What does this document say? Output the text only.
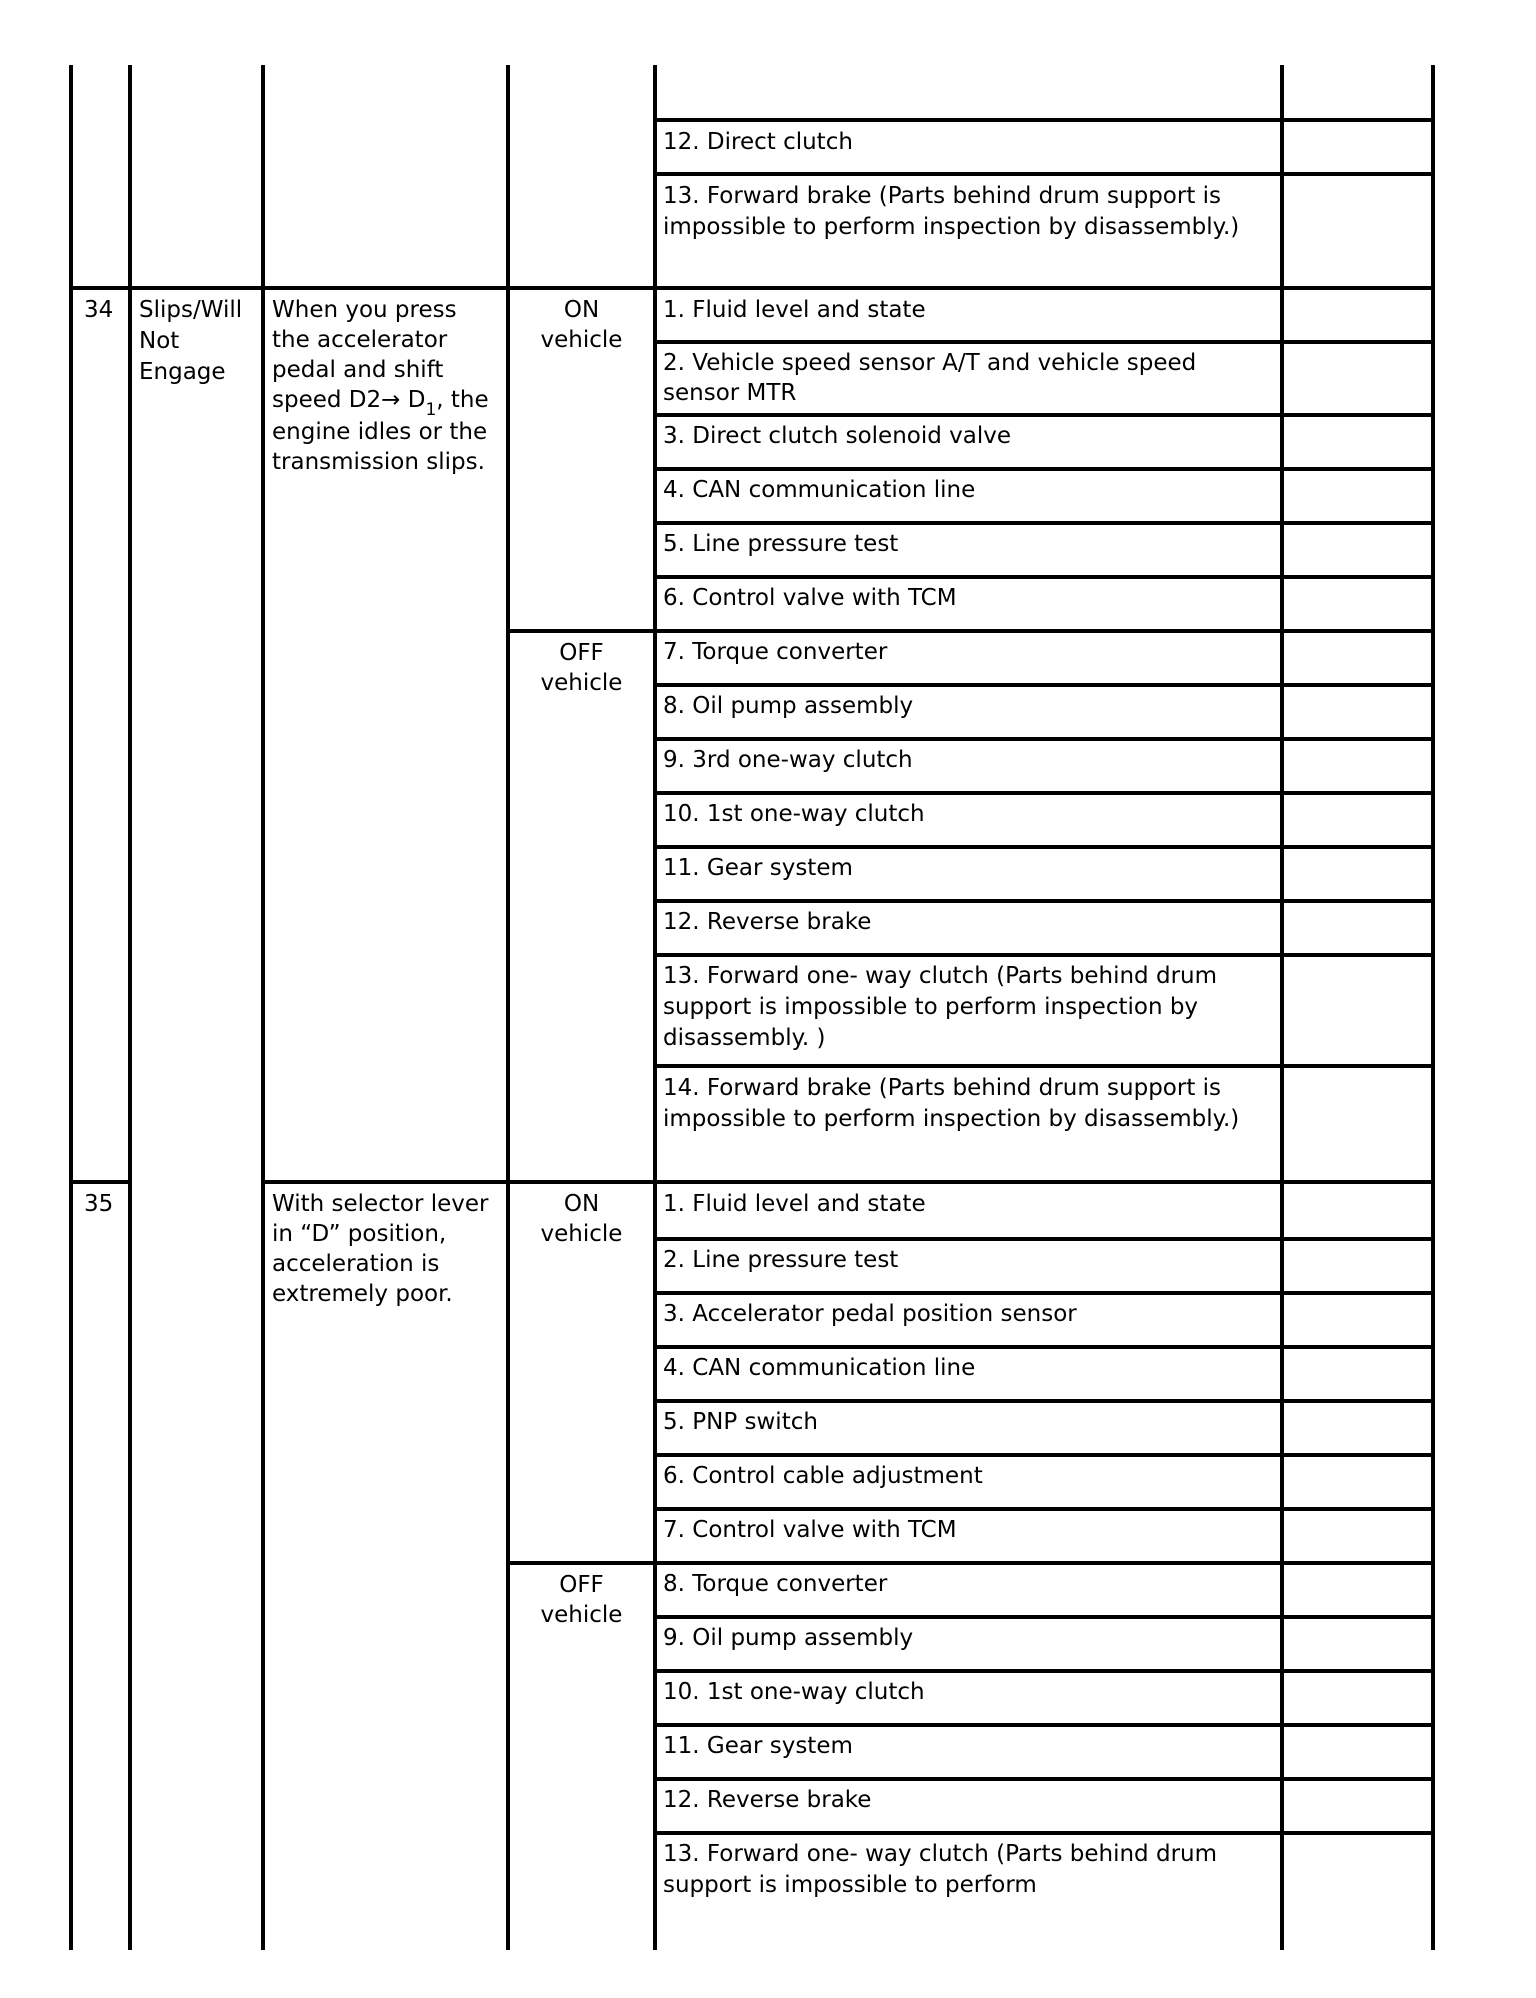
12. Direct clutch
13. Forward brake (Parts behind drum support is impossible to perform inspection by disassembly.)
34 Slips/Will
Not
Engage
When you press the accelerator pedal and shift speed $D2\to D_1$, the engine idles or the transmission slips.
ON
vehicle
OFF
vehicle
1. Fluid level and state
2. Vehicle speed sensor A/T and vehicle speed sensor MTR
3. Direct clutch solenoid valve
4. CAN communication line
5. Line pressure test
6. Control valve with TCM
7. Torque converter
8. Oil pump assembly
9. 3rd one-way clutch
10. 1st one-way clutch
11. Gear system
12. Reverse brake
13. Forward one- way clutch (Parts behind drum support is impossible to perform inspection by disassembly. )
14. Forward brake (Parts behind drum support is impossible to perform inspection by disassembly.)
35	With selector lever in “D” position, acceleration is extremely poor.
ON
vehicle
OFF
vehicle
1. Fluid level and state
2. Line pressure test
3. Accelerator pedal position sensor
4. CAN communication line
5. PNP switch
6. Control cable adjustment
7. Control valve with TCM
8. Torque converter
9. Oil pump assembly
10. 1st one-way clutch
11. Gear system
12. Reverse brake
13. Forward one- way clutch (Parts behind drum support is impossible to perform
